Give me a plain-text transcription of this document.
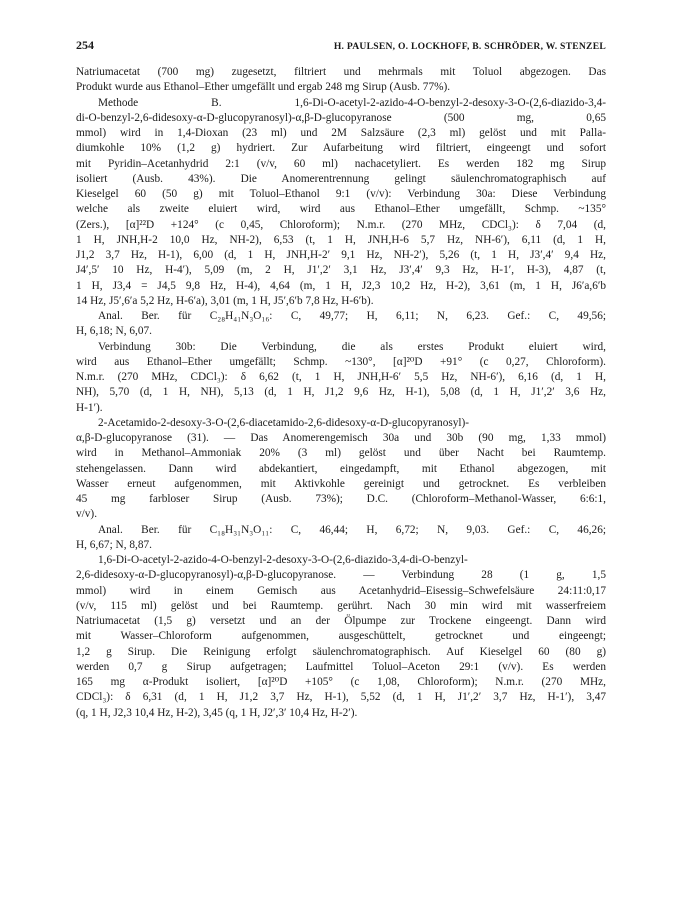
254	H. PAULSEN, O. LOCKHOFF, B. SCHRÖDER, W. STENZEL

Natriumacetat (700 mg) zugesetzt, filtriert und mehrmals mit Toluol abgezogen. Das
Produkt wurde aus Ethanol–Ether umgefällt und ergab 248 mg Sirup (Ausb. 77%).

Methode B. 1,6-Di-O-acetyl-2-azido-4-O-benzyl-2-desoxy-3-O-(2,6-diazido-3,4-
di-O-benzyl-2,6-didesoxy-α-D-glucopyranosyl)-α,β-D-glucopyranose (500 mg, 0,65
mmol) wird in 1,4-Dioxan (23 ml) und 2M Salzsäure (2,3 ml) gelöst und mit Palla-
diumkohle 10% (1,2 g) hydriert. Zur Aufarbeitung wird filtriert, eingeengt und sofort
mit Pyridin–Acetanhydrid 2:1 (v/v, 60 ml) nachacetyliert. Es werden 182 mg Sirup
isoliert (Ausb. 43%). Die Anomerentrennung gelingt säulenchromatographisch auf
Kieselgel 60 (50 g) mit Toluol–Ethanol 9:1 (v/v): Verbindung 30a: Diese Verbindung
welche als zweite eluiert wird, wird aus Ethanol–Ether umgefällt, Schmp. ~135°
(Zers.), [α]²²D +124° (c 0,45, Chloroform); N.m.r. (270 MHz, CDCl₃): δ 7,04 (d,
1 H, JNH,H-2 10,0 Hz, NH-2), 6,53 (t, 1 H, JNH,H-6 5,7 Hz, NH-6′), 6,11 (d, 1 H,
J1,2 3,7 Hz, H-1), 6,00 (d, 1 H, JNH,H-2′ 9,1 Hz, NH-2′), 5,26 (t, 1 H, J3′,4′ 9,4 Hz,
J4′,5′ 10 Hz, H-4′), 5,09 (m, 2 H, J1′,2′ 3,1 Hz, J3′,4′ 9,3 Hz, H-1′, H-3), 4,87 (t,
1 H, J3,4 = J4,5 9,8 Hz, H-4), 4,64 (m, 1 H, J2,3 10,2 Hz, H-2), 3,61 (m, 1 H, J6′a,6′b
14 Hz, J5′,6′a 5,2 Hz, H-6′a), 3,01 (m, 1 H, J5′,6′b 7,8 Hz, H-6′b).

Anal. Ber. für C₂₈H₄₁N₃O₁₆: C, 49,77; H, 6,11; N, 6,23. Gef.: C, 49,56;
H, 6,18; N, 6,07.

Verbindung 30b: Die Verbindung, die als erstes Produkt eluiert wird,
wird aus Ethanol–Ether umgefällt; Schmp. ~130°, [α]²⁰D +91° (c 0,27, Chloroform).
N.m.r. (270 MHz, CDCl₃): δ 6,62 (t, 1 H, JNH,H-6′ 5,5 Hz, NH-6′), 6,16 (d, 1 H,
NH), 5,70 (d, 1 H, NH), 5,13 (d, 1 H, J1,2 9,6 Hz, H-1), 5,08 (d, 1 H, J1′,2′ 3,6 Hz,
H-1′).

2-Acetamido-2-desoxy-3-O-(2,6-diacetamido-2,6-didesoxy-α-D-glucopyranosyl)-
α,β-D-glucopyranose (31). — Das Anomerengemisch 30a und 30b (90 mg, 1,33 mmol)
wird in Methanol–Ammoniak 20% (3 ml) gelöst und über Nacht bei Raumtemp.
stehengelassen. Dann wird abdekantiert, eingedampft, mit Ethanol abgezogen, mit
Wasser erneut aufgenommen, mit Aktivkohle gereinigt und getrocknet. Es verbleiben
45 mg farbloser Sirup (Ausb. 73%); D.C. (Chloroform–Methanol-Wasser, 6:6:1,
v/v).

Anal. Ber. für C₁₈H₃₁N₃O₁₁: C, 46,44; H, 6,72; N, 9,03. Gef.: C, 46,26;
H, 6,67; N, 8,87.

1,6-Di-O-acetyl-2-azido-4-O-benzyl-2-desoxy-3-O-(2,6-diazido-3,4-di-O-benzyl-
2,6-didesoxy-α-D-glucopyranosyl)-α,β-D-glucopyranose. — Verbindung 28 (1 g, 1,5
mmol) wird in einem Gemisch aus Acetanhydrid–Eisessig–Schwefelsäure 24:11:0,17
(v/v, 115 ml) gelöst und bei Raumtemp. gerührt. Nach 30 min wird mit wasserfreiem
Natriumacetat (1,5 g) versetzt und an der Ölpumpe zur Trockene eingeengt. Dann wird
mit Wasser–Chloroform aufgenommen, ausgeschüttelt, getrocknet und eingeengt;
1,2 g Sirup. Die Reinigung erfolgt säulenchromatographisch. Auf Kieselgel 60 (80 g)
werden 0,7 g Sirup aufgetragen; Laufmittel Toluol–Aceton 29:1 (v/v). Es werden
165 mg α-Produkt isoliert, [α]²⁰D +105° (c 1,08, Chloroform); N.m.r. (270 MHz,
CDCl₃): δ 6,31 (d, 1 H, J1,2 3,7 Hz, H-1), 5,52 (d, 1 H, J1′,2′ 3,7 Hz, H-1′), 3,47
(q, 1 H, J2,3 10,4 Hz, H-2), 3,45 (q, 1 H, J2′,3′ 10,4 Hz, H-2′).
